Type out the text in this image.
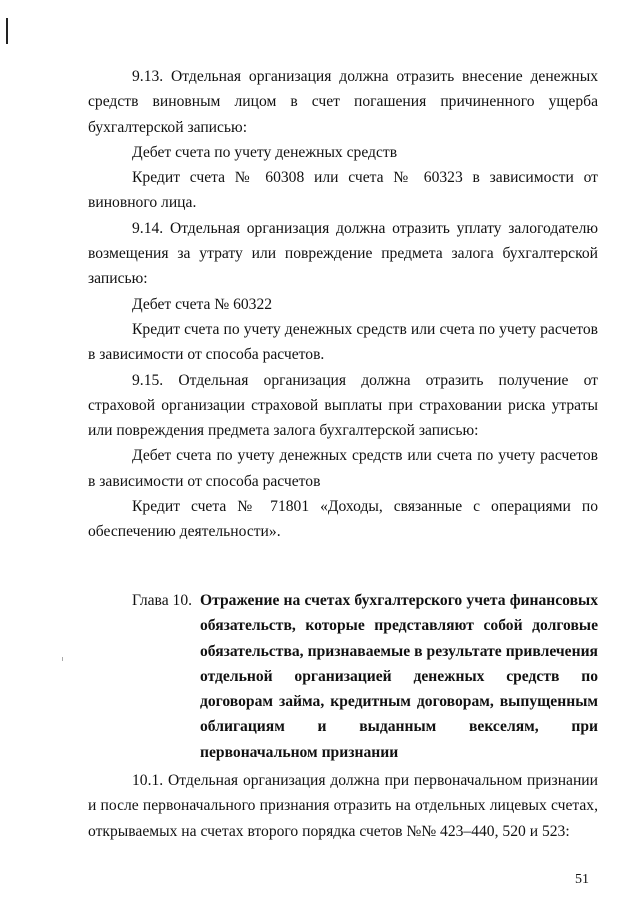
9.13. Отдельная организация должна отразить внесение денежных средств виновным лицом в счет погашения причиненного ущерба бухгалтерской записью:

Дебет счета по учету денежных средств

Кредит счета № 60308 или счета № 60323 в зависимости от виновного лица.

9.14. Отдельная организация должна отразить уплату залогодателю возмещения за утрату или повреждение предмета залога бухгалтерской записью:

Дебет счета № 60322

Кредит счета по учету денежных средств или счета по учету расчетов в зависимости от способа расчетов.

9.15. Отдельная организация должна отразить получение от страховой организации страховой выплаты при страховании риска утраты или повреждения предмета залога бухгалтерской записью:

Дебет счета по учету денежных средств или счета по учету расчетов в зависимости от способа расчетов

Кредит счета № 71801 «Доходы, связанные с операциями по обеспечению деятельности».

Глава 10. Отражение на счетах бухгалтерского учета финансовых обязательств, которые представляют собой долговые обязательства, признаваемые в результате привлечения отдельной организацией денежных средств по договорам займа, кредитным договорам, выпущенным облигациям и выданным векселям, при первоначальном признании

10.1. Отдельная организация должна при первоначальном признании и после первоначального признания отразить на отдельных лицевых счетах, открываемых на счетах второго порядка счетов №№ 423–440, 520 и 523:

51
